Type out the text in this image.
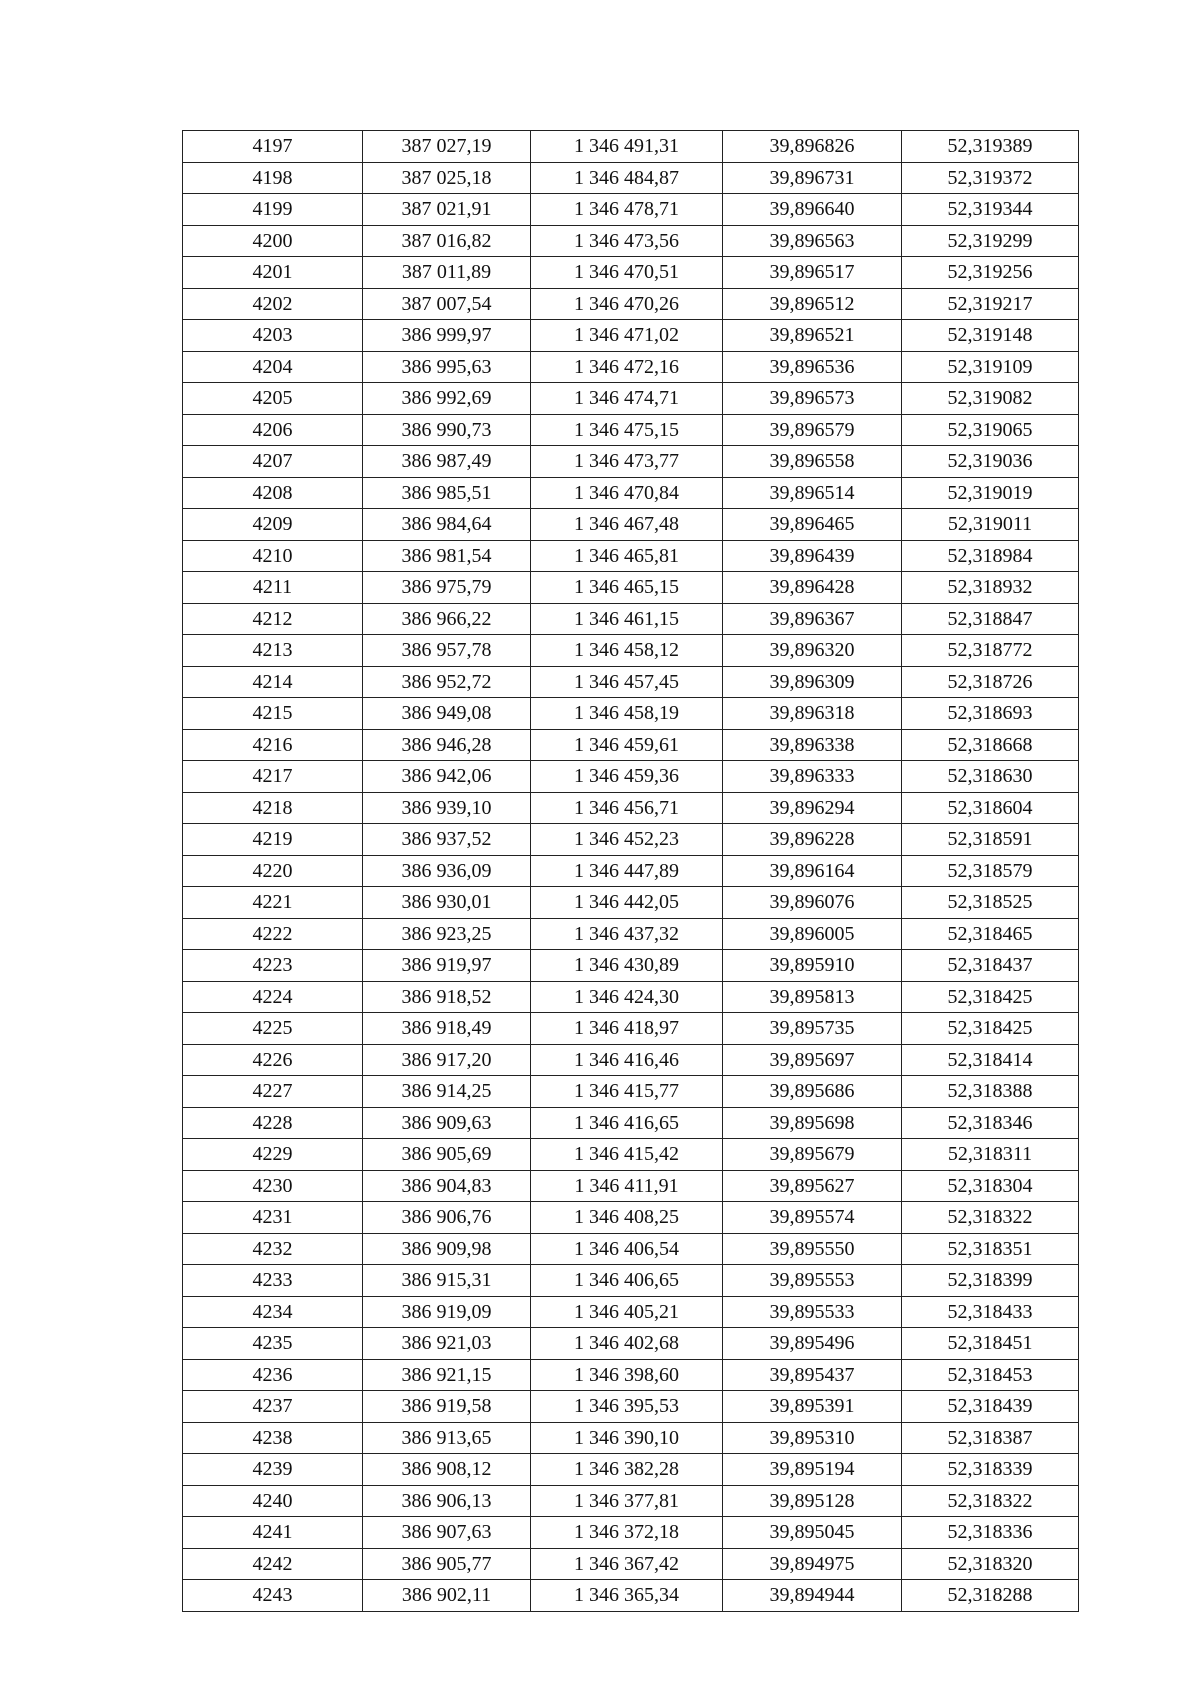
4197	387 027,19	1 346 491,31	39,896826	52,319389
4198	387 025,18	1 346 484,87	39,896731	52,319372
4199	387 021,91	1 346 478,71	39,896640	52,319344
4200	387 016,82	1 346 473,56	39,896563	52,319299
4201	387 011,89	1 346 470,51	39,896517	52,319256
4202	387 007,54	1 346 470,26	39,896512	52,319217
4203	386 999,97	1 346 471,02	39,896521	52,319148
4204	386 995,63	1 346 472,16	39,896536	52,319109
4205	386 992,69	1 346 474,71	39,896573	52,319082
4206	386 990,73	1 346 475,15	39,896579	52,319065
4207	386 987,49	1 346 473,77	39,896558	52,319036
4208	386 985,51	1 346 470,84	39,896514	52,319019
4209	386 984,64	1 346 467,48	39,896465	52,319011
4210	386 981,54	1 346 465,81	39,896439	52,318984
4211	386 975,79	1 346 465,15	39,896428	52,318932
4212	386 966,22	1 346 461,15	39,896367	52,318847
4213	386 957,78	1 346 458,12	39,896320	52,318772
4214	386 952,72	1 346 457,45	39,896309	52,318726
4215	386 949,08	1 346 458,19	39,896318	52,318693
4216	386 946,28	1 346 459,61	39,896338	52,318668
4217	386 942,06	1 346 459,36	39,896333	52,318630
4218	386 939,10	1 346 456,71	39,896294	52,318604
4219	386 937,52	1 346 452,23	39,896228	52,318591
4220	386 936,09	1 346 447,89	39,896164	52,318579
4221	386 930,01	1 346 442,05	39,896076	52,318525
4222	386 923,25	1 346 437,32	39,896005	52,318465
4223	386 919,97	1 346 430,89	39,895910	52,318437
4224	386 918,52	1 346 424,30	39,895813	52,318425
4225	386 918,49	1 346 418,97	39,895735	52,318425
4226	386 917,20	1 346 416,46	39,895697	52,318414
4227	386 914,25	1 346 415,77	39,895686	52,318388
4228	386 909,63	1 346 416,65	39,895698	52,318346
4229	386 905,69	1 346 415,42	39,895679	52,318311
4230	386 904,83	1 346 411,91	39,895627	52,318304
4231	386 906,76	1 346 408,25	39,895574	52,318322
4232	386 909,98	1 346 406,54	39,895550	52,318351
4233	386 915,31	1 346 406,65	39,895553	52,318399
4234	386 919,09	1 346 405,21	39,895533	52,318433
4235	386 921,03	1 346 402,68	39,895496	52,318451
4236	386 921,15	1 346 398,60	39,895437	52,318453
4237	386 919,58	1 346 395,53	39,895391	52,318439
4238	386 913,65	1 346 390,10	39,895310	52,318387
4239	386 908,12	1 346 382,28	39,895194	52,318339
4240	386 906,13	1 346 377,81	39,895128	52,318322
4241	386 907,63	1 346 372,18	39,895045	52,318336
4242	386 905,77	1 346 367,42	39,894975	52,318320
4243	386 902,11	1 346 365,34	39,894944	52,318288
